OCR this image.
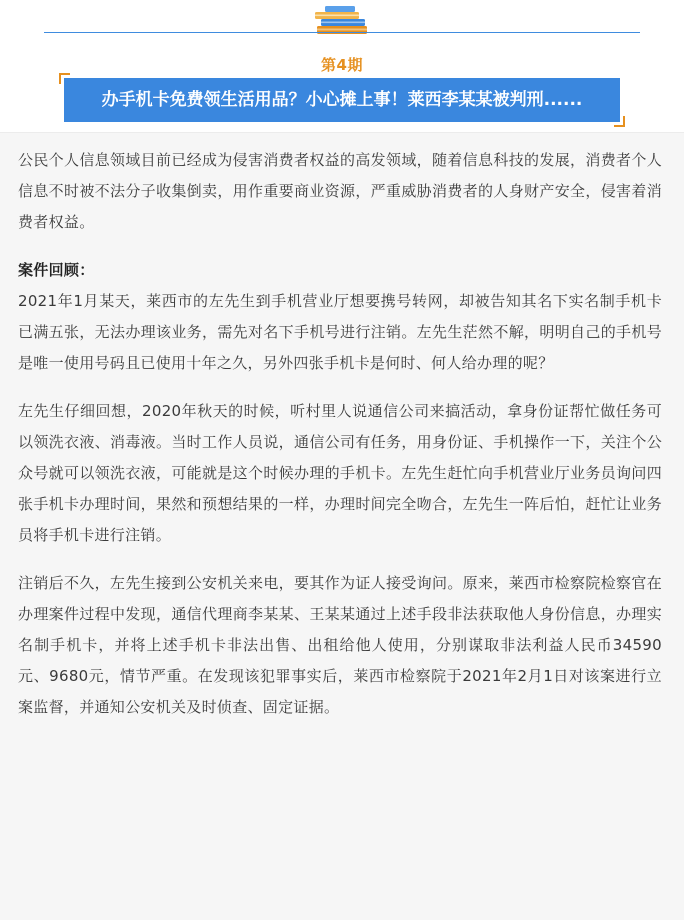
第4期
办手机卡免费领生活用品？小心摊上事！莱西李某某被判刑......

公民个人信息领域目前已经成为侵害消费者权益的高发领域，随着信息科技的发展，消费者个人信息不时被不法分子收集倒卖，用作重要商业资源，严重威胁消费者的人身财产安全，侵害着消费者权益。

案件回顾：

2021年1月某天，莱西市的左先生到手机营业厅想要携号转网，却被告知其名下实名制手机卡已满五张，无法办理该业务，需先对名下手机号进行注销。左先生茫然不解，明明自己的手机号是唯一使用号码且已使用十年之久，另外四张手机卡是何时、何人给办理的呢？

左先生仔细回想，2020年秋天的时候，听村里人说通信公司来搞活动，拿身份证帮忙做任务可以领洗衣液、消毒液。当时工作人员说，通信公司有任务，用身份证、手机操作一下，关注个公众号就可以领洗衣液，可能就是这个时候办理的手机卡。左先生赶忙向手机营业厅业务员询问四张手机卡办理时间，果然和预想结果的一样，办理时间完全吻合，左先生一阵后怕，赶忙让业务员将手机卡进行注销。

注销后不久，左先生接到公安机关来电，要其作为证人接受询问。原来，莱西市检察院检察官在办理案件过程中发现，通信代理商李某某、王某某通过上述手段非法获取他人身份信息，办理实名制手机卡，并将上述手机卡非法出售、出租给他人使用，分别谋取非法利益人民币34590元、9680元，情节严重。在发现该犯罪事实后，莱西市检察院于2021年2月1日对该案进行立案监督，并通知公安机关及时侦查、固定证据。
